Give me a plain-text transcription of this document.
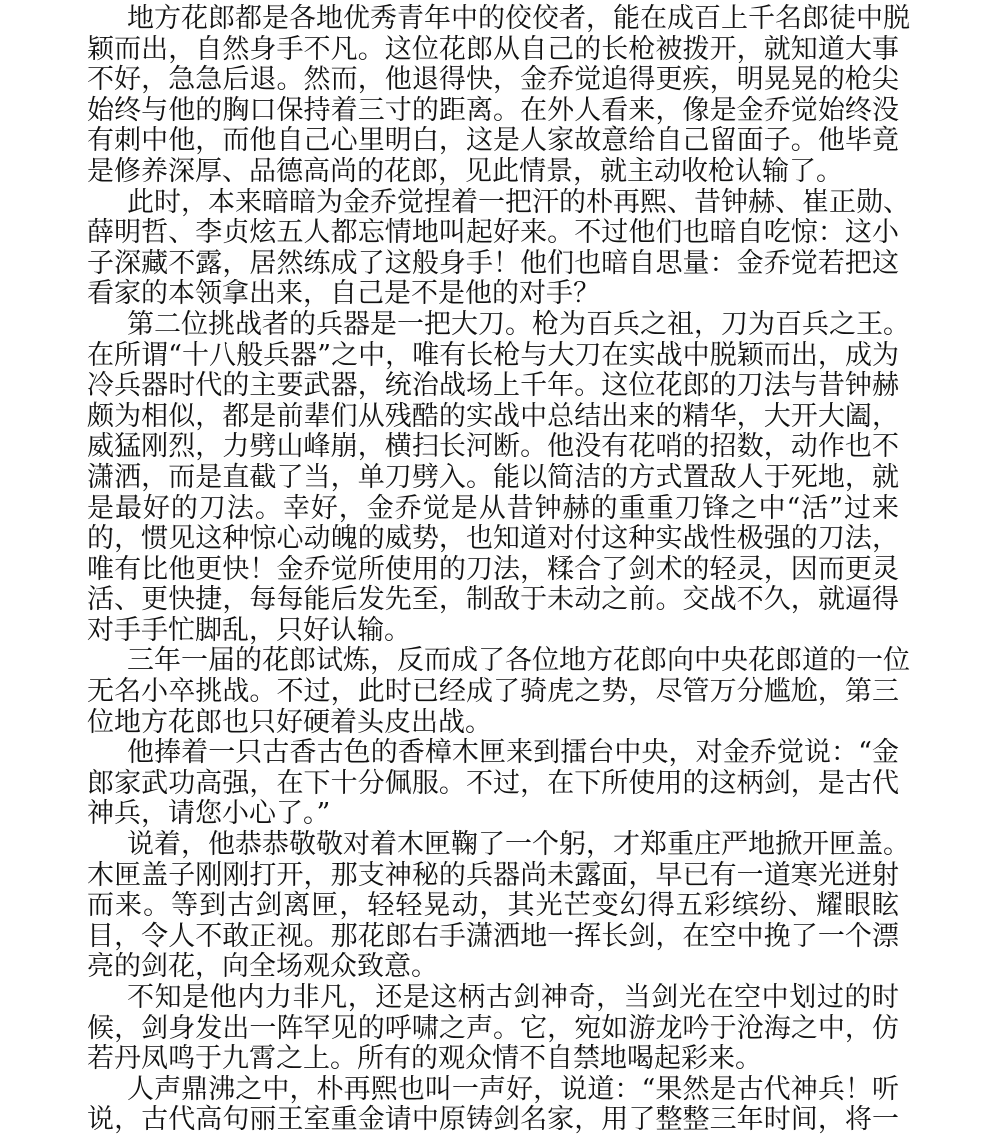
地方花郎都是各地优秀青年中的佼佼者，能在成百上千名郎徒中脱
颖而出，自然身手不凡。这位花郎从自己的长枪被拨开，就知道大事
不好，急急后退。然而，他退得快，金乔觉追得更疾，明晃晃的枪尖
始终与他的胸口保持着三寸的距离。在外人看来，像是金乔觉始终没
有刺中他，而他自己心里明白，这是人家故意给自己留面子。他毕竟
是修养深厚、品德高尚的花郎，见此情景，就主动收枪认输了。
此时，本来暗暗为金乔觉捏着一把汗的朴再熙、昔钟赫、崔正勋、
薛明哲、李贞炫五人都忘情地叫起好来。不过他们也暗自吃惊：这小
子深藏不露，居然练成了这般身手！他们也暗自思量：金乔觉若把这
看家的本领拿出来，自己是不是他的对手？
第二位挑战者的兵器是一把大刀。枪为百兵之祖，刀为百兵之王。
在所谓“十八般兵器”之中，唯有长枪与大刀在实战中脱颖而出，成为
冷兵器时代的主要武器，统治战场上千年。这位花郎的刀法与昔钟赫
颇为相似，都是前辈们从残酷的实战中总结出来的精华，大开大阖，
威猛刚烈，力劈山峰崩，横扫长河断。他没有花哨的招数，动作也不
潇洒，而是直截了当，单刀劈入。能以简洁的方式置敌人于死地，就
是最好的刀法。幸好，金乔觉是从昔钟赫的重重刀锋之中“活”过来
的，惯见这种惊心动魄的威势，也知道对付这种实战性极强的刀法，
唯有比他更快！金乔觉所使用的刀法，糅合了剑术的轻灵，因而更灵
活、更快捷，每每能后发先至，制敌于未动之前。交战不久，就逼得
对手手忙脚乱，只好认输。
三年一届的花郎试炼，反而成了各位地方花郎向中央花郎道的一位
无名小卒挑战。不过，此时已经成了骑虎之势，尽管万分尴尬，第三
位地方花郎也只好硬着头皮出战。
他捧着一只古香古色的香樟木匣来到擂台中央，对金乔觉说：“金
郎家武功高强，在下十分佩服。不过，在下所使用的这柄剑，是古代
神兵，请您小心了。”
说着，他恭恭敬敬对着木匣鞠了一个躬，才郑重庄严地掀开匣盖。
木匣盖子刚刚打开，那支神秘的兵器尚未露面，早已有一道寒光迸射
而来。等到古剑离匣，轻轻晃动，其光芒变幻得五彩缤纷、耀眼眩
目，令人不敢正视。那花郎右手潇洒地一挥长剑，在空中挽了一个漂
亮的剑花，向全场观众致意。
不知是他内力非凡，还是这柄古剑神奇，当剑光在空中划过的时
候，剑身发出一阵罕见的呼啸之声。它，宛如游龙吟于沧海之中，仿
若丹凤鸣于九霄之上。所有的观众情不自禁地喝起彩来。
人声鼎沸之中，朴再熙也叫一声好，说道：“果然是古代神兵！听
说，古代高句丽王室重金请中原铸剑名家，用了整整三年时间，将一
